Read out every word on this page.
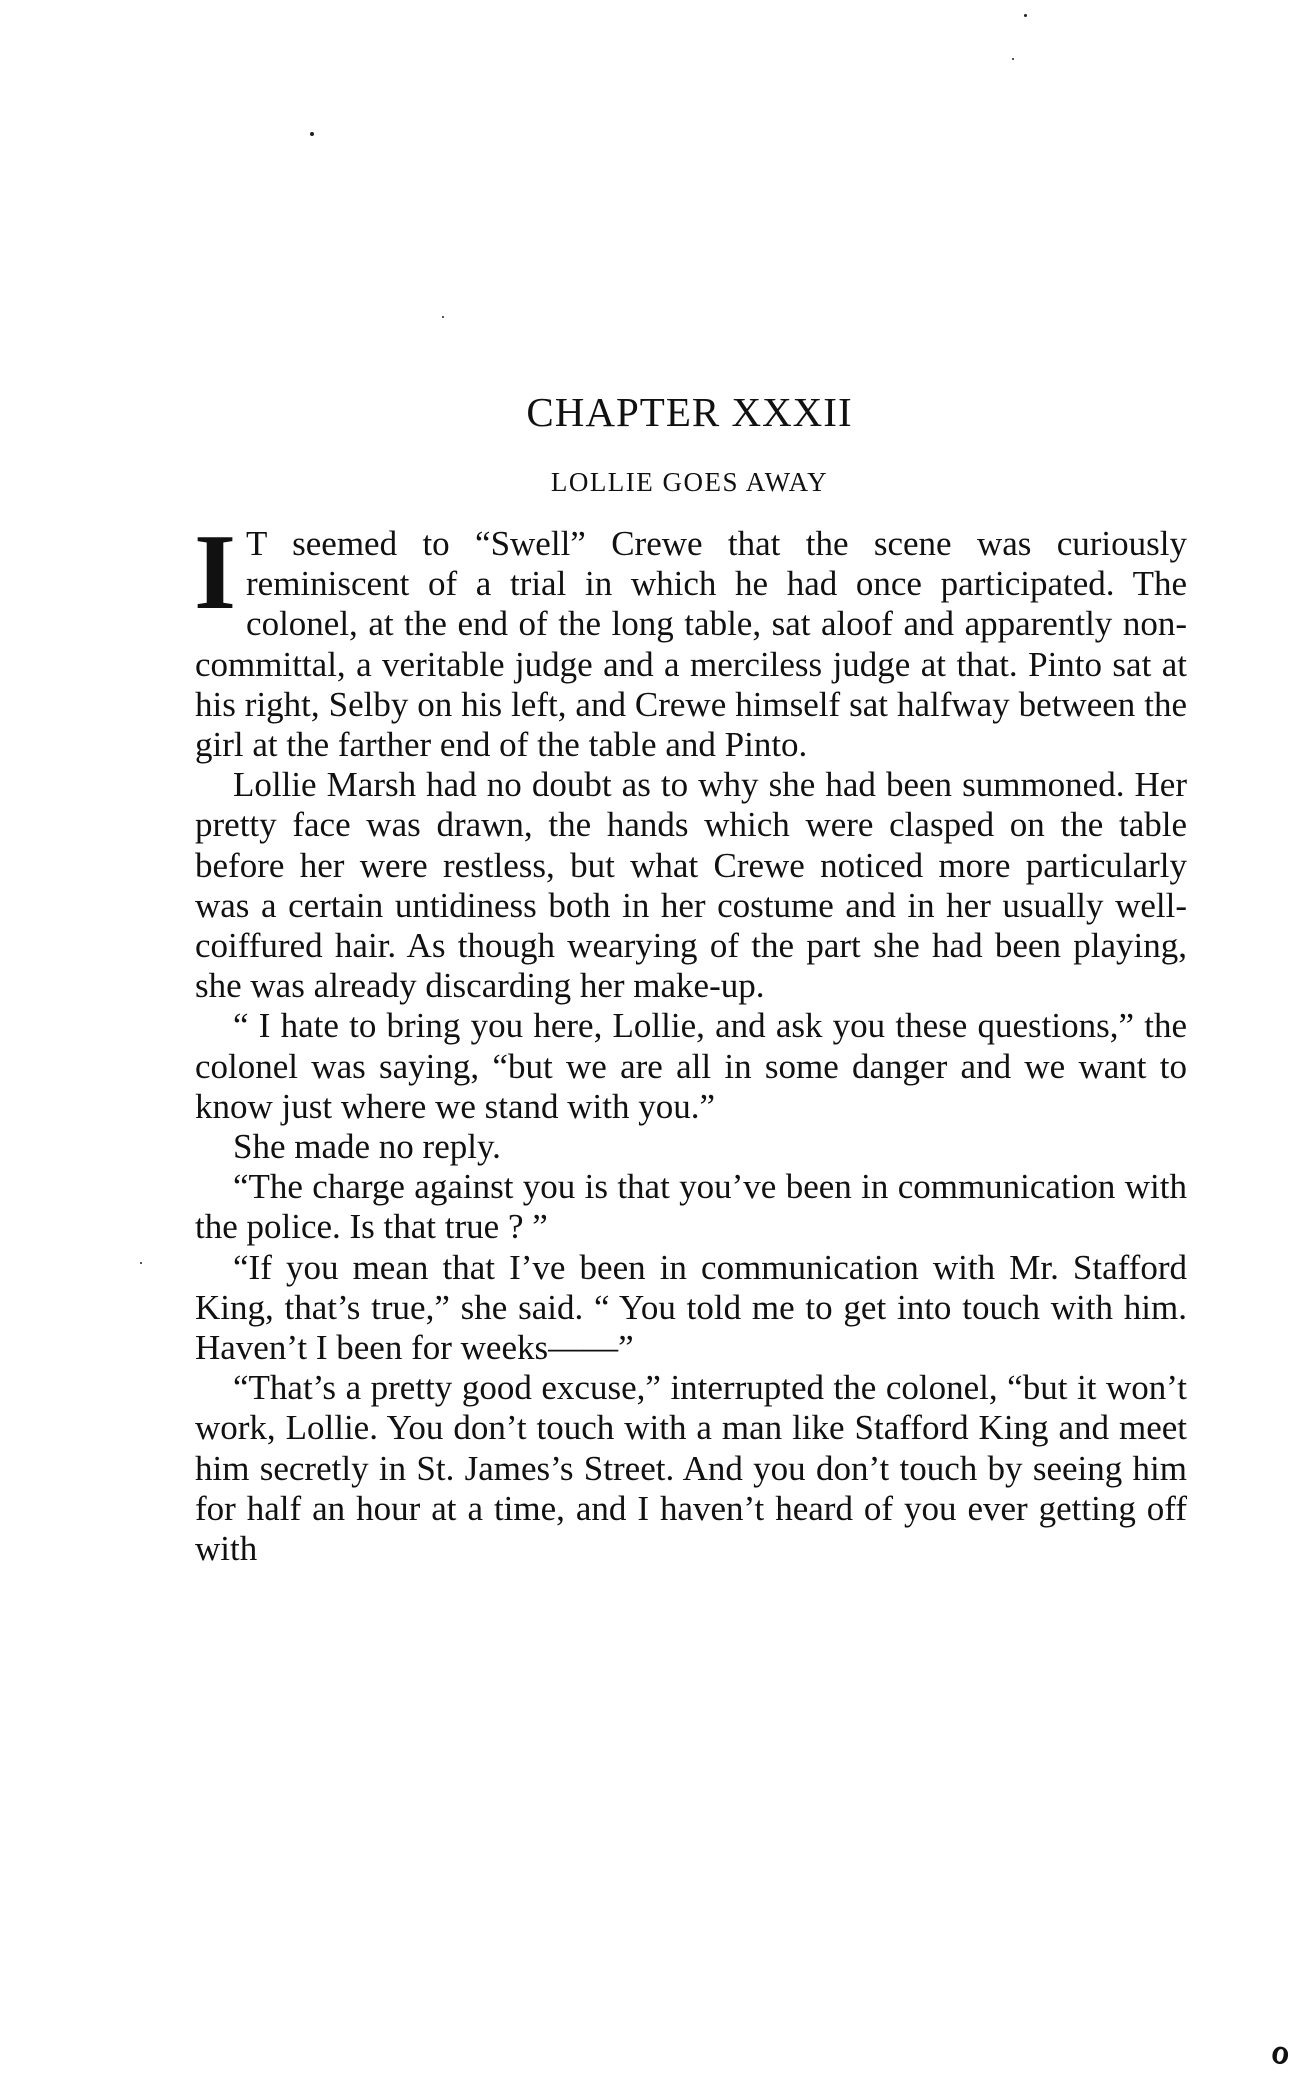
CHAPTER XXXII
LOLLIE GOES AWAY

I T seemed to “Swell” Crewe that the scene was curiously reminiscent of a trial in which he had once participated. The colonel, at the end of the long table, sat aloof and apparently non-committal, a veritable judge and a merciless judge at that. Pinto sat at his right, Selby on his left, and Crewe himself sat halfway between the girl at the farther end of the table and Pinto.

Lollie Marsh had no doubt as to why she had been summoned. Her pretty face was drawn, the hands which were clasped on the table before her were restless, but what Crewe noticed more particularly was a certain untidiness both in her costume and in her usually well-coiffured hair. As though wearying of the part she had been playing, she was already discarding her make-up.

“ I hate to bring you here, Lollie, and ask you these questions,” the colonel was saying, “but we are all in some danger and we want to know just where we stand with you.”

She made no reply.

“The charge against you is that you’ve been in communication with the police. Is that true ? ”

“If you mean that I’ve been in communication with Mr. Stafford King, that’s true,” she said. “ You told me to get into touch with him. Haven’t I been for weeks——”

“That’s a pretty good excuse,” interrupted the colonel, “but it won’t work, Lollie. You don’t touch with a man like Stafford King and meet him secretly in St. James’s Street. And you don’t touch by seeing him for half an hour at a time, and I haven’t heard of you ever getting off with

ℴ
